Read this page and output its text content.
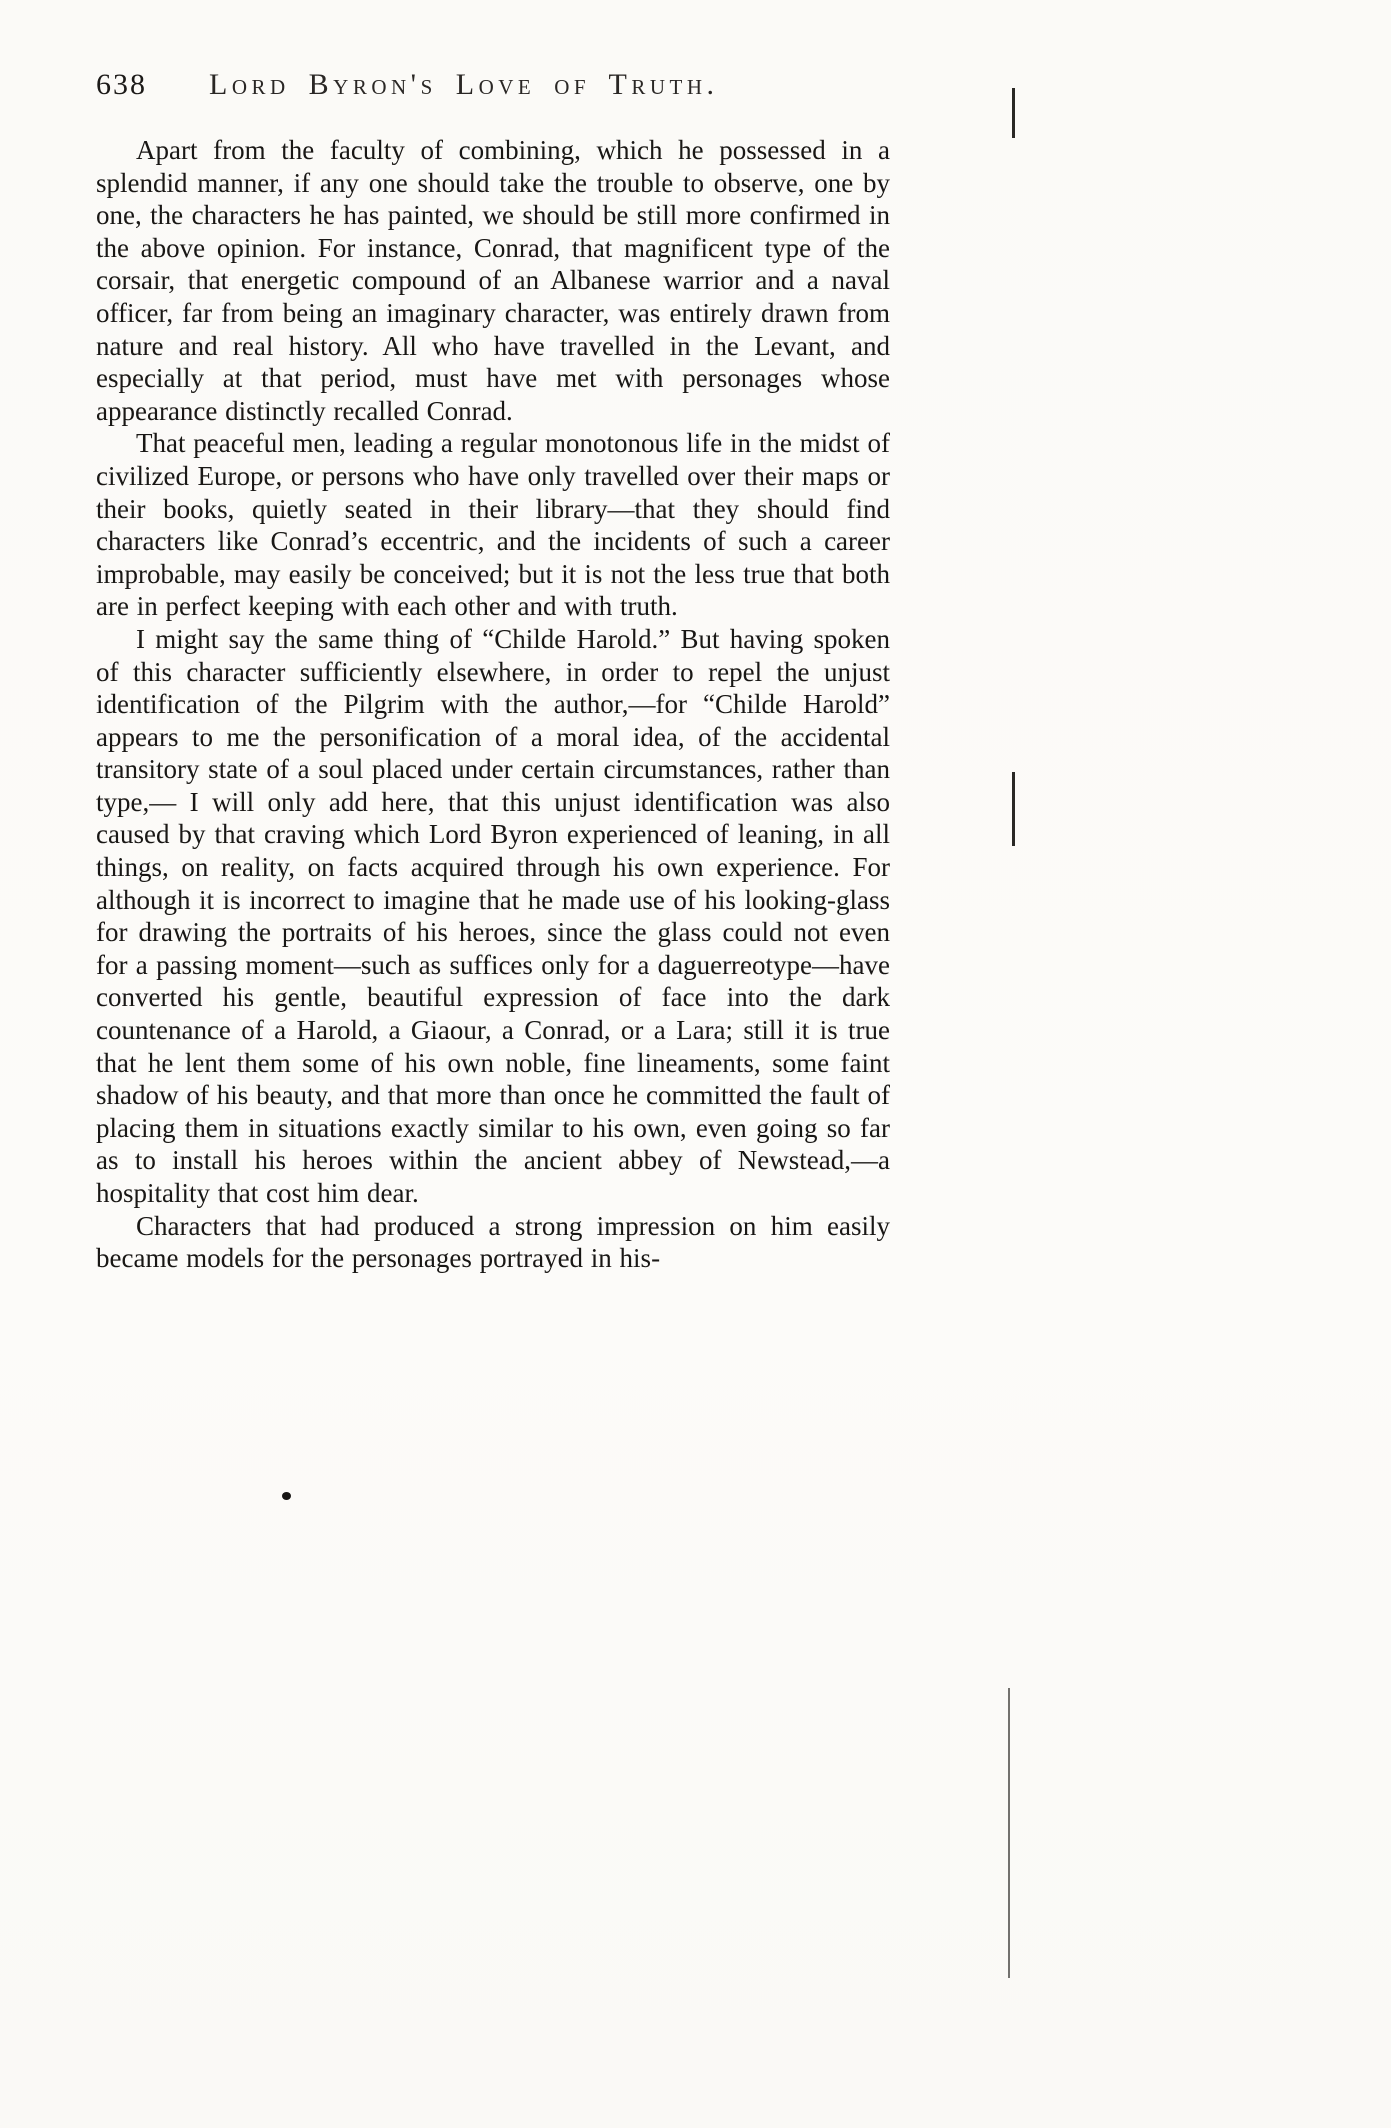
638 Lord Byron's Love of Truth.

Apart from the faculty of combining, which he possessed in a splendid manner, if any one should take the trouble to observe, one by one, the characters he has painted, we should be still more confirmed in the above opinion. For instance, Conrad, that magnificent type of the corsair, that energetic compound of an Albanese warrior and a naval officer, far from being an imaginary character, was entirely drawn from nature and real history. All who have travelled in the Levant, and especially at that period, must have met with personages whose appearance distinctly recalled Conrad.

That peaceful men, leading a regular monotonous life in the midst of civilized Europe, or persons who have only travelled over their maps or their books, quietly seated in their library—that they should find characters like Conrad’s eccentric, and the incidents of such a career improbable, may easily be conceived; but it is not the less true that both are in perfect keeping with each other and with truth.

I might say the same thing of “Childe Harold.” But having spoken of this character sufficiently elsewhere, in order to repel the unjust identification of the Pilgrim with the author,—for “Childe Harold” appears to me the personification of a moral idea, of the accidental transitory state of a soul placed under certain circumstances, rather than type,— I will only add here, that this unjust identification was also caused by that craving which Lord Byron experienced of leaning, in all things, on reality, on facts acquired through his own experience. For although it is incorrect to imagine that he made use of his looking-glass for drawing the portraits of his heroes, since the glass could not even for a passing moment—such as suffices only for a daguerreotype—have converted his gentle, beautiful expression of face into the dark countenance of a Harold, a Giaour, a Conrad, or a Lara; still it is true that he lent them some of his own noble, fine lineaments, some faint shadow of his beauty, and that more than once he committed the fault of placing them in situations exactly similar to his own, even going so far as to install his heroes within the ancient abbey of Newstead,—a hospitality that cost him dear.

Characters that had produced a strong impression on him easily became models for the personages portrayed in his-
